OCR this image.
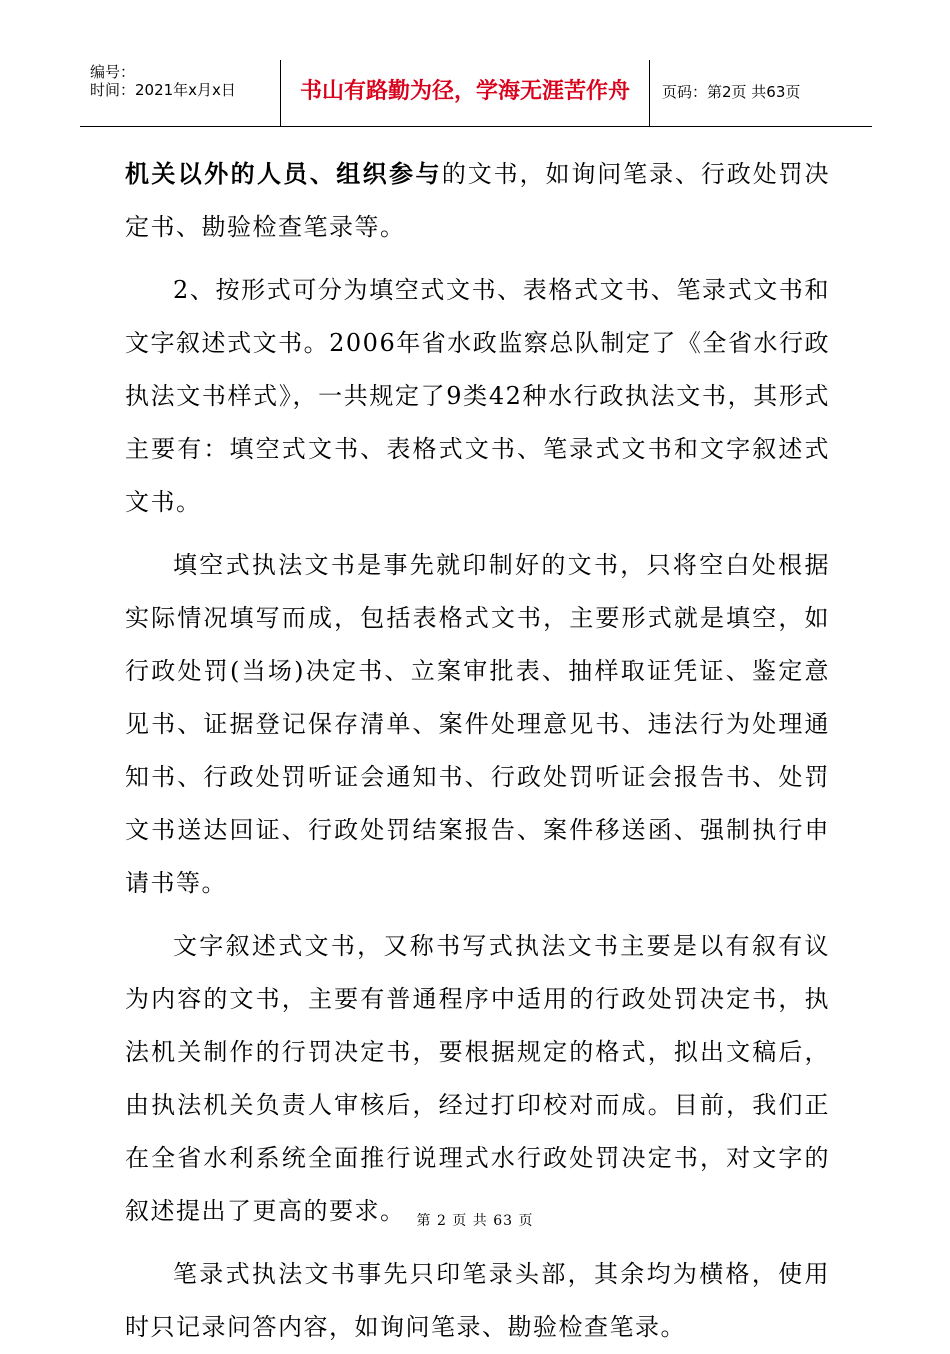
编号：
时间：2021年x月x日	书山有路勤为径，学海无涯苦作舟	页码：第2页 共63页

机关以外的人员、组织参与的文书，如询问笔录、行政处罚决定书、勘验检查笔录等。

2、按形式可分为填空式文书、表格式文书、笔录式文书和文字叙述式文书。2006年省水政监察总队制定了《全省水行政执法文书样式》，一共规定了9类42种水行政执法文书，其形式主要有：填空式文书、表格式文书、笔录式文书和文字叙述式文书。

填空式执法文书是事先就印制好的文书，只将空白处根据实际情况填写而成，包括表格式文书，主要形式就是填空，如行政处罚(当场)决定书、立案审批表、抽样取证凭证、鉴定意见书、证据登记保存清单、案件处理意见书、违法行为处理通知书、行政处罚听证会通知书、行政处罚听证会报告书、处罚文书送达回证、行政处罚结案报告、案件移送函、强制执行申请书等。

文字叙述式文书，又称书写式执法文书主要是以有叙有议为内容的文书，主要有普通程序中适用的行政处罚决定书，执法机关制作的行罚决定书，要根据规定的格式，拟出文稿后，由执法机关负责人审核后，经过打印校对而成。目前，我们正在全省水利系统全面推行说理式水行政处罚决定书，对文字的叙述提出了更高的要求。

笔录式执法文书事先只印笔录头部，其余均为横格，使用时只记录问答内容，如询问笔录、勘验检查笔录。

第 2 页 共 63 页
